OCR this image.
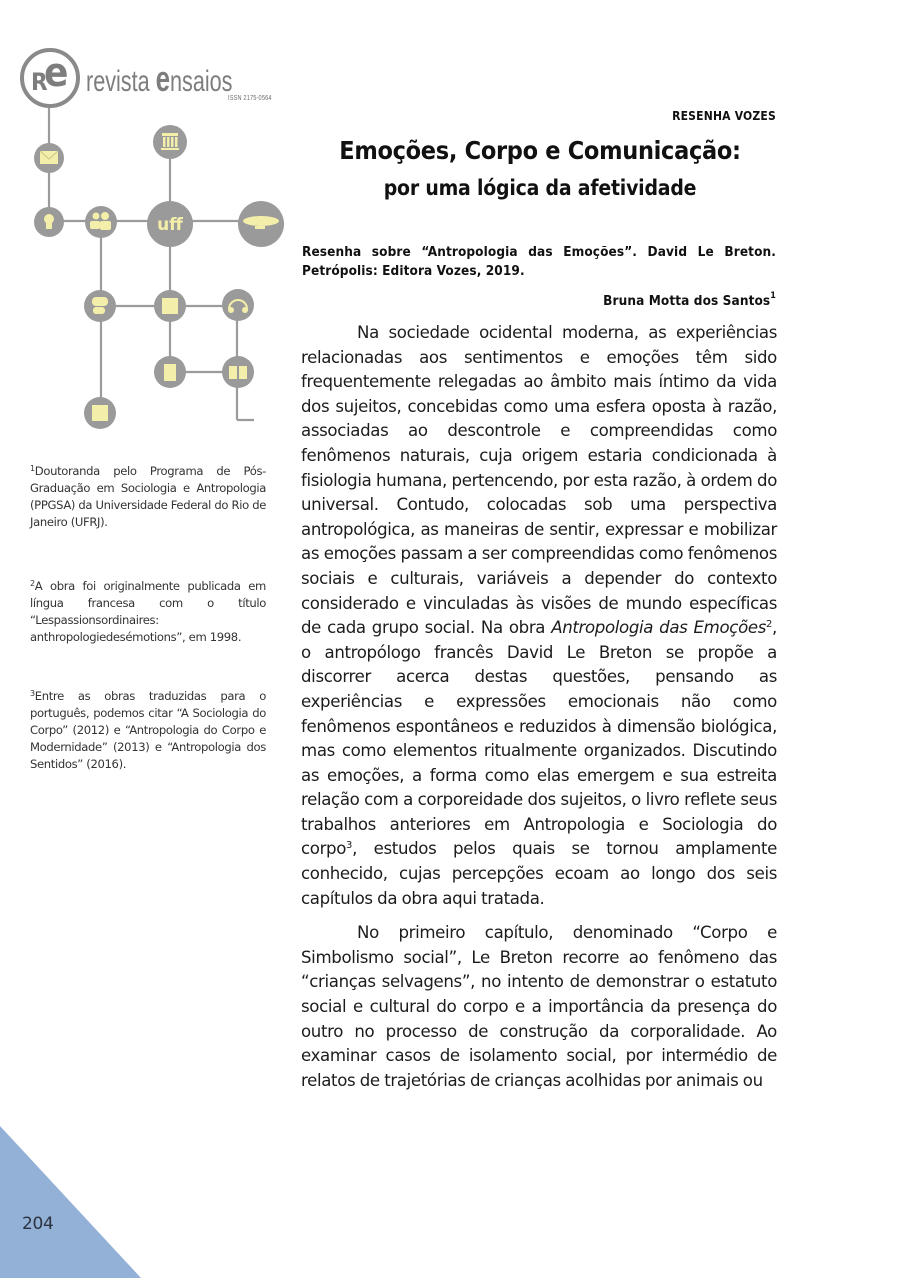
uff
R
e revista ensaios
ISSN 2175-0564
RESENHA VOZES
Emoções, Corpo e Comunicação:
por uma lógica da afetividade
Resenha sobre “Antropologia das Emoções”. David Le Breton.
Petrópolis: Editora Vozes, 2019.
Bruna Motta dos Santos$^1$

Na sociedade ocidental moderna, as experiências relacionadas aos sentimentos e emoções têm sido frequentemente relegadas ao âmbito mais íntimo da vida dos sujeitos, concebidas como uma esfera oposta à razão, associadas ao descontrole e compreendidas como fenômenos naturais, cuja origem estaria condicionada à fisiologia humana, pertencendo, por esta razão, à ordem do universal. Contudo, colocadas sob uma perspectiva antropológica, as maneiras de sentir, expressar e mobilizar as emoções passam a ser compreendidas como fenômenos sociais e culturais, variáveis a depender do contexto considerado e vinculadas às visões de mundo específicas de cada grupo social. Na obra Antropologia das Emoções$^2$, o antropólogo francês David Le Breton se propõe a discorrer acerca destas questões, pensando as experiências e expressões emocionais não como fenômenos espontâneos e reduzidos à dimensão biológica, mas como elementos ritualmente organizados. Discutindo as emoções, a forma como elas emergem e sua estreita relação com a corporeidade dos sujeitos, o livro reflete seus trabalhos anteriores em Antropologia e Sociologia do corpo$^3$, estudos pelos quais se tornou amplamente conhecido, cujas percepções ecoam ao longo dos seis capítulos da obra aqui tratada.

No primeiro capítulo, denominado “Corpo e Simbolismo social”, Le Breton recorre ao fenômeno das “crianças selvagens”, no intento de demonstrar o estatuto social e cultural do corpo e a importância da presença do outro no processo de construção da corporalidade. Ao examinar casos de isolamento social, por intermédio de relatos de trajetórias de crianças acolhidas por animais ou

$^1$Doutoranda pelo Programa de Pós-Graduação em Sociologia e Antropologia (PPGSA) da Universidade Federal do Rio de Janeiro (UFRJ).
$^2$A obra foi originalmente publicada em língua francesa com o título “Lespassionsordinaires: anthropologiedesémotions”, em 1998.
$^3$Entre as obras traduzidas para o português, podemos citar “A Sociologia do Corpo” (2012) e “Antropologia do Corpo e Modernidade” (2013) e “Antropologia dos Sentidos” (2016).
204
